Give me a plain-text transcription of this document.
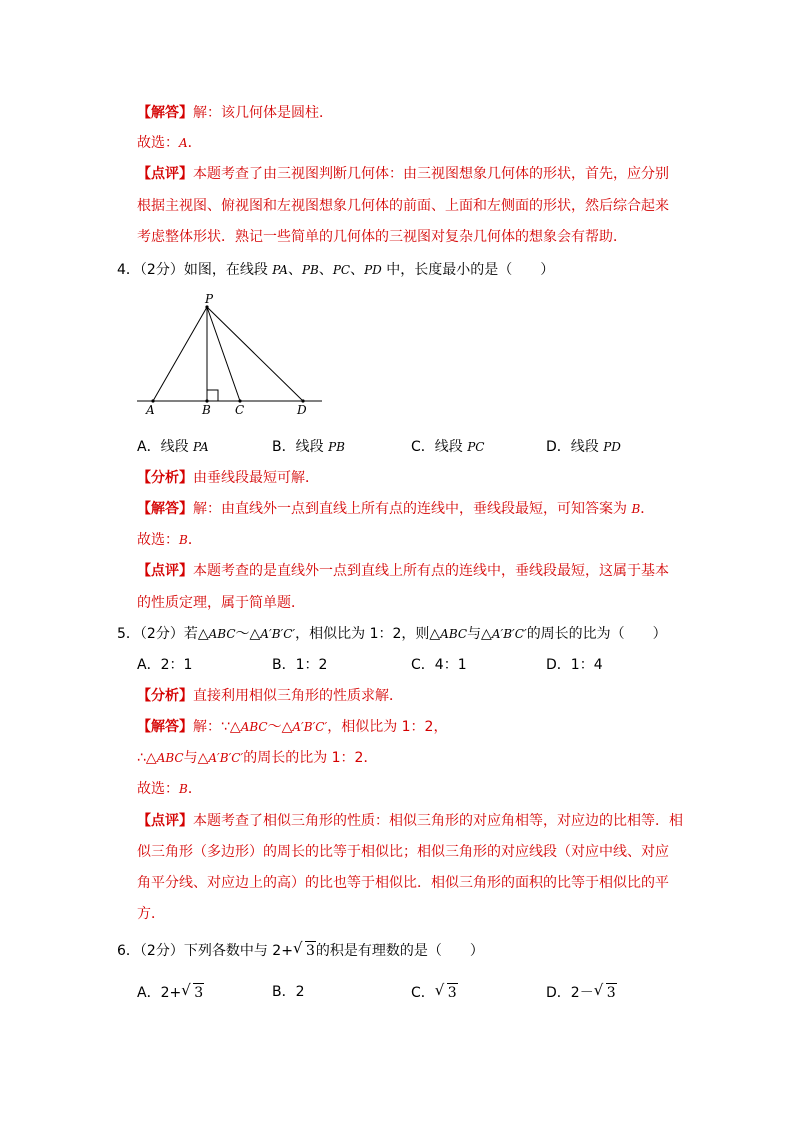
【解答】解：该几何体是圆柱．
故选：A．
【点评】本题考查了由三视图判断几何体：由三视图想象几何体的形状，首先，应分别
根据主视图、俯视图和左视图想象几何体的前面、上面和左侧面的形状，然后综合起来
考虑整体形状．熟记一些简单的几何体的三视图对复杂几何体的想象会有帮助．
4．（2分）如图，在线段 PA、PB、PC、PD 中，长度最小的是（　　）
P
A	B C	D
A．线段 PA	B．线段 PB	C．线段 PC	D．线段 PD
【分析】由垂线段最短可解．
【解答】解：由直线外一点到直线上所有点的连线中，垂线段最短，可知答案为 B．
故选：B．
【点评】本题考查的是直线外一点到直线上所有点的连线中，垂线段最短，这属于基本
的性质定理，属于简单题．
5．（2分）若△ABC～△A′B′C′，相似比为 1：2，则△ABC与△A′B′C′的周长的比为（　　）
A．2：1	B．1：2	C．4：1	D．1：4
【分析】直接利用相似三角形的性质求解．
【解答】解：∵△ABC～△A′B′C′，相似比为 1：2，
∴△ABC与△A′B′C′的周长的比为 1：2．
故选：B．
【点评】本题考查了相似三角形的性质：相似三角形的对应角相等，对应边的比相等．相
似三角形（多边形）的周长的比等于相似比；相似三角形的对应线段（对应中线、对应
角平分线、对应边上的高）的比也等于相似比．相似三角形的面积的比等于相似比的平
方．
6．（2分）下列各数中与 2+ √ 3的积是有理数的是（　　）
A．2+ √ 3	B．2	C． √ 3	D．2－ √ 3
